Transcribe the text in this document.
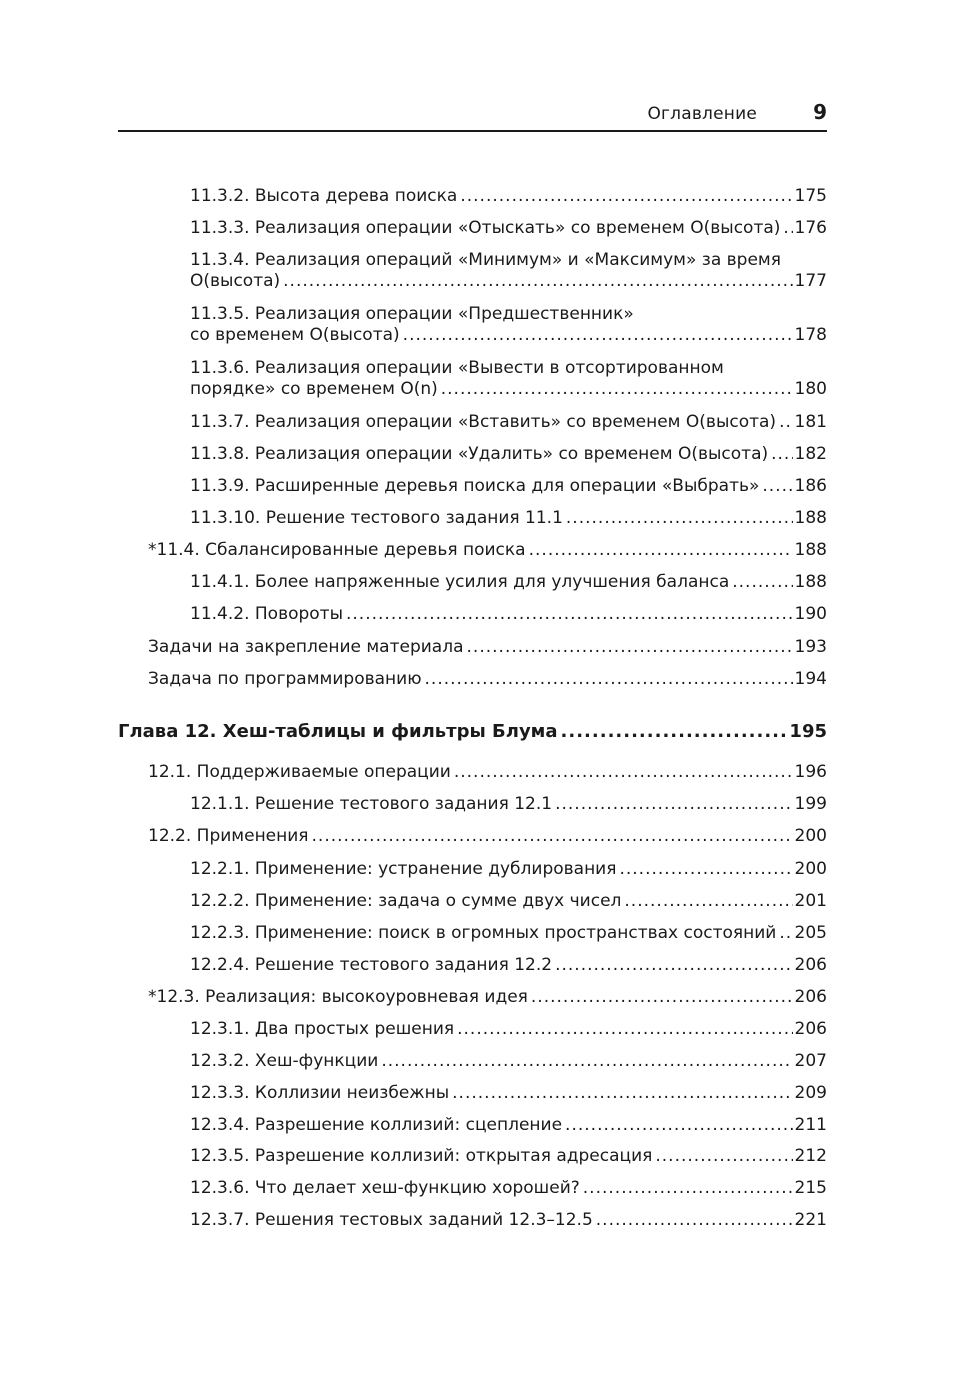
Оглавление	9
11.3.2. Высота дерева поиска .....	175
11.3.3. Реализация операции «Отыскать» со временем O(высота) ..... 176
11.3.4. Реализация операций «Минимум» и «Максимум» за время
O(высота) .....	177
11.3.5. Реализация операции «Предшественник»
со временем O(высота) .....	178
11.3.6. Реализация операции «Вывести в отсортированном
порядке» со временем O(n) .....	180
11.3.7. Реализация операции «Вставить» со временем O(высота) ..... 181
11.3.8. Реализация операции «Удалить» со временем O(высота) ..... 182
11.3.9. Расширенные деревья поиска для операции «Выбрать» ..... 186
11.3.10. Решение тестового задания 11.1 .....	188
*11.4. Сбалансированные деревья поиска .....	188
11.4.1. Более напряженные усилия для улучшения баланса .....	188
11.4.2. Повороты .....	190
Задачи на закрепление материала .....	193
Задача по программированию .....	194
Глава 12. Хеш-таблицы и фильтры Блума .....	195
12.1. Поддерживаемые операции .....	196
12.1.1. Решение тестового задания 12.1 .....	199
12.2. Применения .....	200
12.2.1. Применение: устранение дублирования .....	200
12.2.2. Применение: задача о сумме двух чисел .....	201
12.2.3. Применение: поиск в огромных пространствах состояний ..... 205
12.2.4. Решение тестового задания 12.2 .....	206
*12.3. Реализация: высокоуровневая идея .....	206
12.3.1. Два простых решения .....	206
12.3.2. Хеш-функции .....	207
12.3.3. Коллизии неизбежны .....	209
12.3.4. Разрешение коллизий: сцепление .....	211
12.3.5. Разрешение коллизий: открытая адресация .....	212
12.3.6. Что делает хеш-функцию хорошей? .....	215
12.3.7. Решения тестовых заданий 12.3–12.5 .....	221
